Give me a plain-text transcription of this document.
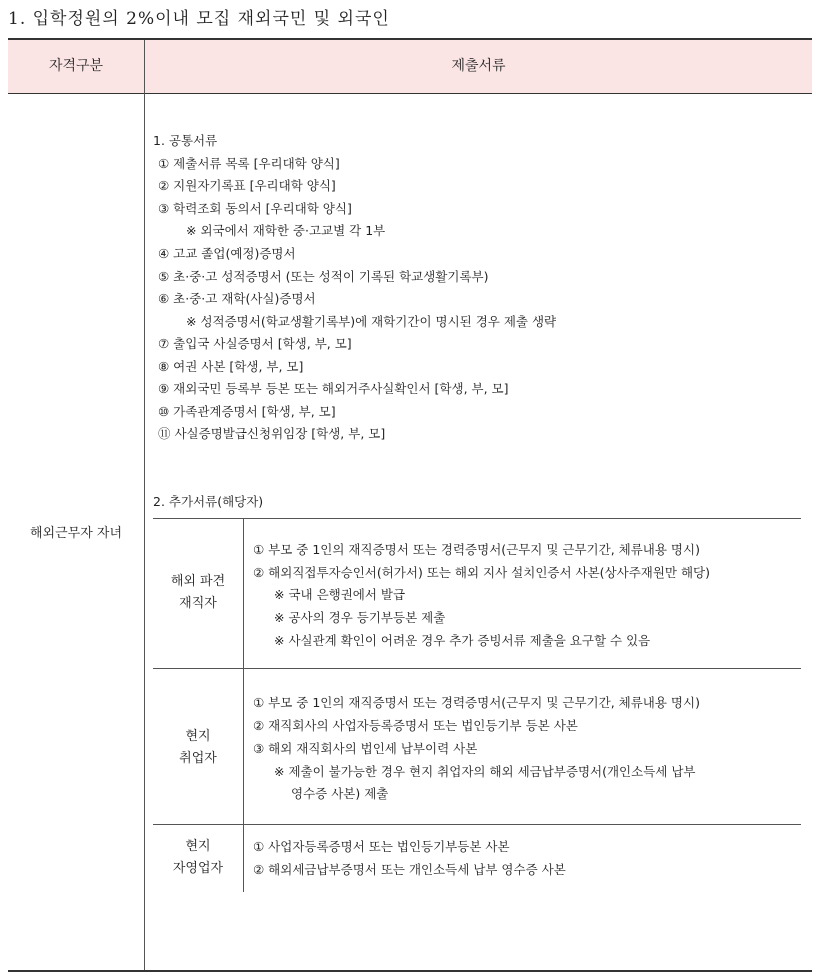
1. 입학정원의 2%이내 모집 재외국민 및 외국인
자격구분	제출서류
해외근무자 자녀
1. 공통서류
① 제출서류 목록 [우리대학 양식]
② 지원자기록표 [우리대학 양식]
③ 학력조회 동의서 [우리대학 양식]
※ 외국에서 재학한 중·고교별 각 1부
④ 고교 졸업(예정)증명서
⑤ 초·중·고 성적증명서 (또는 성적이 기록된 학교생활기록부)
⑥ 초·중·고 재학(사실)증명서
※ 성적증명서(학교생활기록부)에 재학기간이 명시된 경우 제출 생략
⑦ 출입국 사실증명서 [학생, 부, 모]
⑧ 여권 사본 [학생, 부, 모]
⑨ 재외국민 등록부 등본 또는 해외거주사실확인서 [학생, 부, 모]
⑩ 가족관계증명서 [학생, 부, 모]
⑪ 사실증명발급신청위임장 [학생, 부, 모]
2. 추가서류(해당자)
해외 파견
재직자
① 부모 중 1인의 재직증명서 또는 경력증명서(근무지 및 근무기간, 체류내용 명시)
② 해외직접투자승인서(허가서) 또는 해외 지사 설치인증서 사본(상사주재원만 해당)
※ 국내 은행권에서 발급
※ 공사의 경우 등기부등본 제출
※ 사실관계 확인이 어려운 경우 추가 증빙서류 제출을 요구할 수 있음
현지
취업자
① 부모 중 1인의 재직증명서 또는 경력증명서(근무지 및 근무기간, 체류내용 명시)
② 재직회사의 사업자등록증명서 또는 법인등기부 등본 사본
③ 해외 재직회사의 법인세 납부이력 사본
※ 제출이 불가능한 경우 현지 취업자의 해외 세금납부증명서(개인소득세 납부
영수증 사본) 제출
현지
자영업자
① 사업자등록증명서 또는 법인등기부등본 사본
② 해외세금납부증명서 또는 개인소득세 납부 영수증 사본
